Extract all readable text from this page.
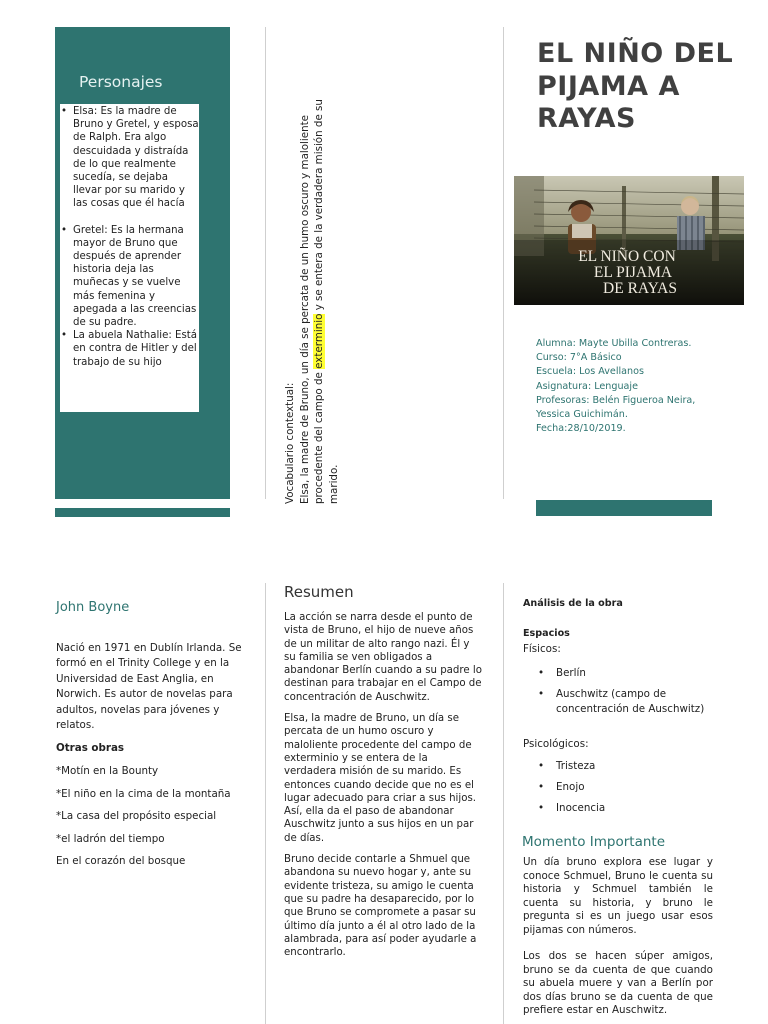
Personajes
• Elsa: Es la madre de Bruno y Gretel, y esposa de Ralph. Era algo descuidada y distraída de lo que realmente sucedía, se dejaba llevar por su marido y las cosas que él hacía
• Gretel: Es la hermana mayor de Bruno que después de aprender historia deja las muñecas y se vuelve más femenina y apegada a las creencias de su padre.
• La abuela Nathalie: Está en contra de Hitler y del trabajo de su hijo
Vocabulario contextual: Elsa, la madre de Bruno, un día se percata de un humo oscuro y maloliente procedente del campo de exterminio y se entera de la verdadera misión de su marido.
EL NIÑO DEL PIJAMA A RAYAS
EL NIÑO CON
EL PIJAMA
DE RAYAS
Alumna: Mayte Ubilla Contreras.
Curso: 7°A Básico
Escuela: Los Avellanos
Asignatura: Lenguaje
Profesoras: Belén Figueroa Neira, Yessica Guichimán.
Fecha:28/10/2019.
John Boyne
Nació en 1971 en Dublín Irlanda. Se formó en el Trinity College y en la Universidad de East Anglia, en Norwich. Es autor de novelas para adultos, novelas para jóvenes y relatos.
Otras obras
*Motín en la Bounty
*El niño en la cima de la montaña
*La casa del propósito especial
*el ladrón del tiempo
En el corazón del bosque
Resumen

La acción se narra desde el punto de vista de Bruno, el hijo de nueve años de un militar de alto rango nazi. Él y su familia se ven obligados a abandonar Berlín cuando a su padre lo destinan para trabajar en el Campo de concentración de Auschwitz.

Elsa, la madre de Bruno, un día se percata de un humo oscuro y maloliente procedente del campo de exterminio y se entera de la verdadera misión de su marido. Es entonces cuando decide que no es el lugar adecuado para criar a sus hijos. Así, ella da el paso de abandonar Auschwitz junto a sus hijos en un par de días.

Bruno decide contarle a Shmuel que abandona su nuevo hogar y, ante su evidente tristeza, su amigo le cuenta que su padre ha desaparecido, por lo que Bruno se compromete a pasar su último día junto a él al otro lado de la alambrada, para así poder ayudarle a encontrarlo.

Análisis de la obra
Espacios
Físicos:
• Berlín
• Auschwitz (campo de concentración de Auschwitz)
Psicológicos:
• Tristeza
• Enojo
• Inocencia
Momento Importante

Un día bruno explora ese lugar y conoce Schmuel, Bruno le cuenta su historia y Schmuel también le cuenta su historia, y bruno le pregunta si es un juego usar esos pijamas con números.

Los dos se hacen súper amigos, bruno se da cuenta de que cuando su abuela muere y van a Berlín por dos días bruno se da cuenta de que prefiere estar en Auschwitz.
